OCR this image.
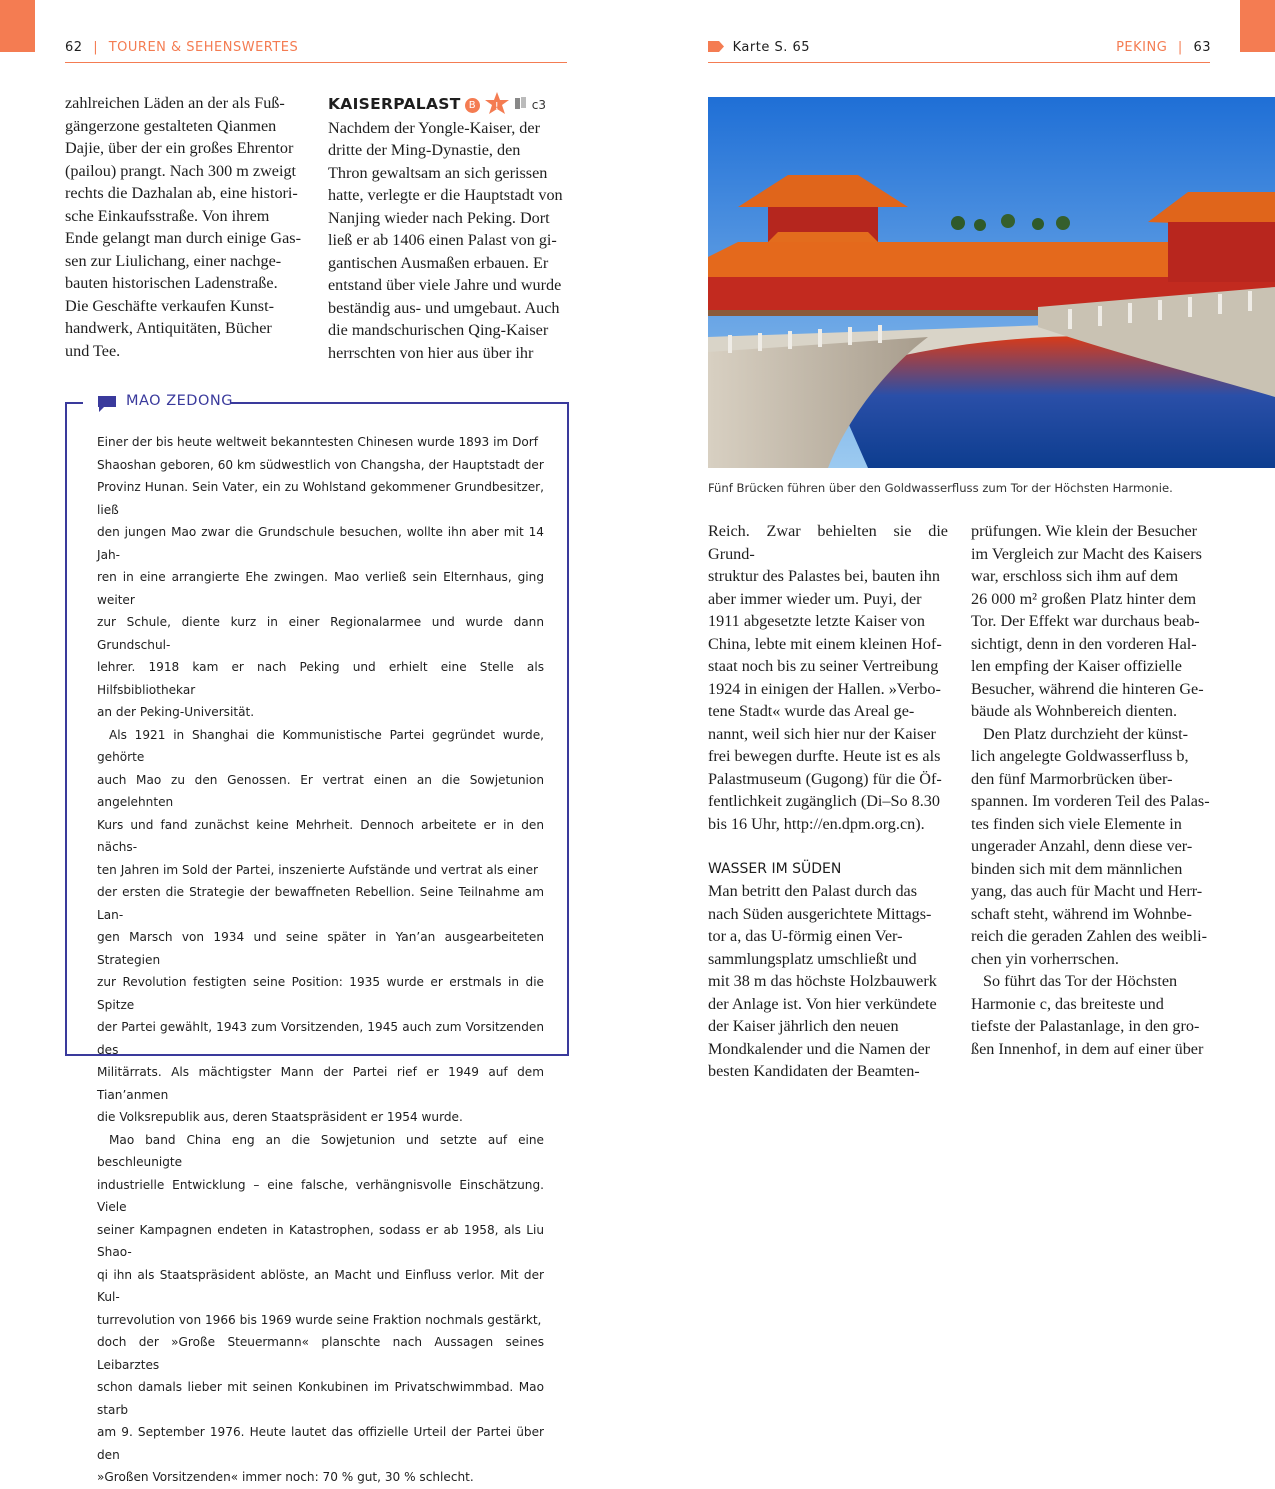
62 | TOUREN & SEHENSWERTES

zahlreichen Läden an der als Fuß-

gängerzone gestalteten Qianmen

Dajie, über der ein großes Ehrentor

(pailou) prangt. Nach 300 m zweigt

rechts die Dazhalan ab, eine histori-

sche Einkaufsstraße. Von ihrem

Ende gelangt man durch einige Gas-

sen zur Liulichang, einer nachge-

bauten historischen Ladenstraße.

Die Geschäfte verkaufen Kunst-

handwerk, Antiquitäten, Bücher

und Tee.

KAISERPALAST B	!	c3

Nachdem der Yongle-Kaiser, der

dritte der Ming-Dynastie, den

Thron gewaltsam an sich gerissen

hatte, verlegte er die Hauptstadt von

Nanjing wieder nach Peking. Dort

ließ er ab 1406 einen Palast von gi-

gantischen Ausmaßen erbauen. Er

entstand über viele Jahre und wurde

beständig aus- und umgebaut. Auch

die mandschurischen Qing-Kaiser

herrschten von hier aus über ihr

MAO ZEDONG

Einer der bis heute weltweit bekanntesten Chinesen wurde 1893 im Dorf

Shaoshan geboren, 60 km südwestlich von Changsha, der Hauptstadt der

Provinz Hunan. Sein Vater, ein zu Wohlstand gekommener Grundbesitzer, ließ

den jungen Mao zwar die Grundschule besuchen, wollte ihn aber mit 14 Jah-

ren in eine arrangierte Ehe zwingen. Mao verließ sein Elternhaus, ging weiter

zur Schule, diente kurz in einer Regionalarmee und wurde dann Grundschul-

lehrer. 1918 kam er nach Peking und erhielt eine Stelle als Hilfsbibliothekar

an der Peking-Universität.

Als 1921 in Shanghai die Kommunistische Partei gegründet wurde, gehörte

auch Mao zu den Genossen. Er vertrat einen an die Sowjetunion angelehnten

Kurs und fand zunächst keine Mehrheit. Dennoch arbeitete er in den nächs-

ten Jahren im Sold der Partei, inszenierte Aufstände und vertrat als einer

der ersten die Strategie der bewaffneten Rebellion. Seine Teilnahme am Lan-

gen Marsch von 1934 und seine später in Yan’an ausgearbeiteten Strategien

zur Revolution festigten seine Position: 1935 wurde er erstmals in die Spitze

der Partei gewählt, 1943 zum Vorsitzenden, 1945 auch zum Vorsitzenden des

Militärrats. Als mächtigster Mann der Partei rief er 1949 auf dem Tian’anmen

die Volksrepublik aus, deren Staatspräsident er 1954 wurde.

Mao band China eng an die Sowjetunion und setzte auf eine beschleunigte

industrielle Entwicklung – eine falsche, verhängnisvolle Einschätzung. Viele

seiner Kampagnen endeten in Katastrophen, sodass er ab 1958, als Liu Shao-

qi ihn als Staatspräsident ablöste, an Macht und Einfluss verlor. Mit der Kul-

turrevolution von 1966 bis 1969 wurde seine Fraktion nochmals gestärkt,

doch der »Große Steuermann« planschte nach Aussagen seines Leibarztes

schon damals lieber mit seinen Konkubinen im Privatschwimmbad. Mao starb

am 9. September 1976. Heute lautet das offizielle Urteil der Partei über den

»Großen Vorsitzenden« immer noch: 70 % gut, 30 % schlecht.

Karte S. 65	PEKING | 63
Fünf Brücken führen über den Goldwasserfluss zum Tor der Höchsten Harmonie.

Reich. Zwar behielten sie die Grund-

struktur des Palastes bei, bauten ihn

aber immer wieder um. Puyi, der

1911 abgesetzte letzte Kaiser von

China, lebte mit einem kleinen Hof-

staat noch bis zu seiner Vertreibung

1924 in einigen der Hallen. »Verbo-

tene Stadt« wurde das Areal ge-

nannt, weil sich hier nur der Kaiser

frei bewegen durfte. Heute ist es als

Palastmuseum (Gugong) für die Öf-

fentlichkeit zugänglich (Di–So 8.30

bis 16 Uhr, http://en.dpm.org.cn).

WASSER IM SÜDEN

Man betritt den Palast durch das

nach Süden ausgerichtete Mittags-

tor a, das U-förmig einen Ver-

sammlungsplatz umschließt und

mit 38 m das höchste Holzbauwerk

der Anlage ist. Von hier verkündete

der Kaiser jährlich den neuen

Mondkalender und die Namen der

besten Kandidaten der Beamten-

prüfungen. Wie klein der Besucher

im Vergleich zur Macht des Kaisers

war, erschloss sich ihm auf dem

26 000 m² großen Platz hinter dem

Tor. Der Effekt war durchaus beab-

sichtigt, denn in den vorderen Hal-

len empfing der Kaiser offizielle

Besucher, während die hinteren Ge-

bäude als Wohnbereich dienten.

Den Platz durchzieht der künst-

lich angelegte Goldwasserfluss b,

den fünf Marmorbrücken über-

spannen. Im vorderen Teil des Palas-

tes finden sich viele Elemente in

ungerader Anzahl, denn diese ver-

binden sich mit dem männlichen

yang, das auch für Macht und Herr-

schaft steht, während im Wohnbe-

reich die geraden Zahlen des weibli-

chen yin vorherrschen.

So führt das Tor der Höchsten

Harmonie c, das breiteste und

tiefste der Palastanlage, in den gro-

ßen Innenhof, in dem auf einer über
